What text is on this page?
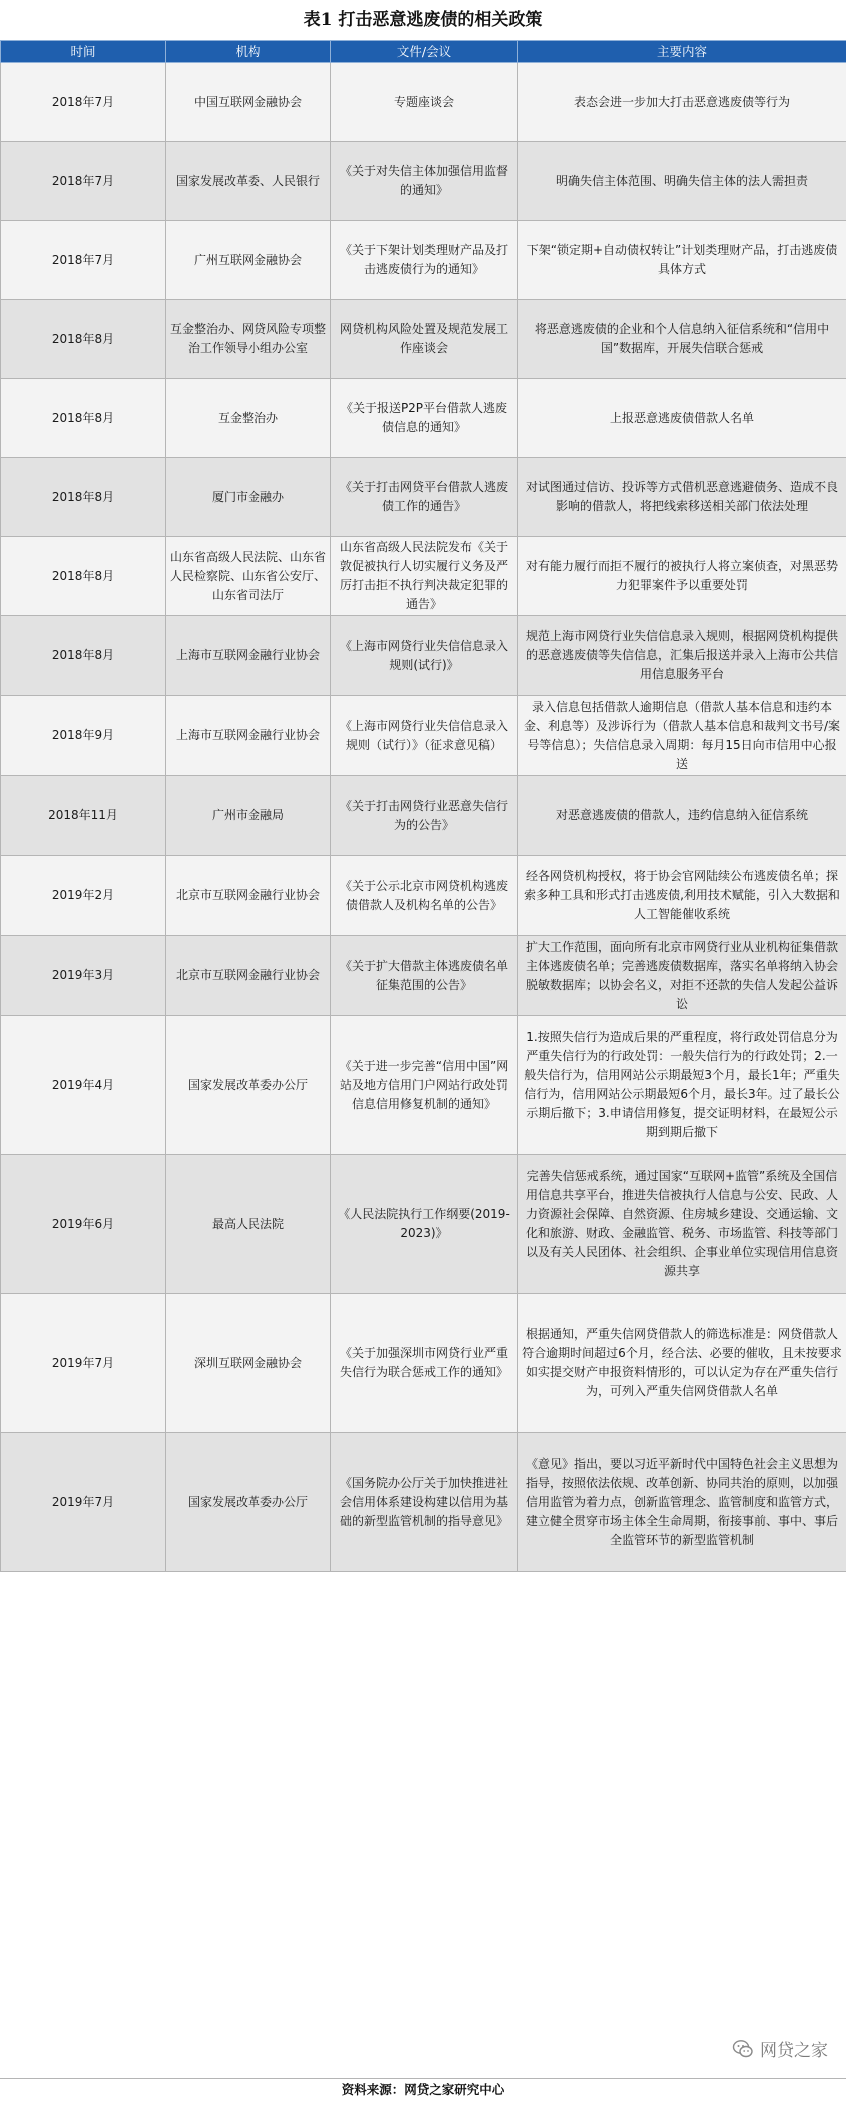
表1 打击恶意逃废债的相关政策
时间	机构	文件/会议	主要内容
2018年7月	中国互联网金融协会	专题座谈会	表态会进一步加大打击恶意逃废债等行为
2018年7月	国家发展改革委、人民银行	《关于对失信主体加强信用监督的通知》	明确失信主体范围、明确失信主体的法人需担责
2018年7月	广州互联网金融协会	《关于下架计划类理财产品及打击逃废债行为的通知》	下架“锁定期+自动债权转让”计划类理财产品，打击逃废债具体方式
2018年8月	互金整治办、网贷风险专项整治工作领导小组办公室	网贷机构风险处置及规范发展工作座谈会	将恶意逃废债的企业和个人信息纳入征信系统和“信用中国”数据库，开展失信联合惩戒
2018年8月	互金整治办	《关于报送P2P平台借款人逃废债信息的通知》	上报恶意逃废债借款人名单
2018年8月	厦门市金融办	《关于打击网贷平台借款人逃废债工作的通告》	对试图通过信访、投诉等方式借机恶意逃避债务、造成不良影响的借款人，将把线索移送相关部门依法处理
2018年8月	山东省高级人民法院、山东省人民检察院、山东省公安厅、山东省司法厅	山东省高级人民法院发布《关于敦促被执行人切实履行义务及严厉打击拒不执行判决裁定犯罪的通告》	对有能力履行而拒不履行的被执行人将立案侦查，对黑恶势力犯罪案件予以重要处罚
2018年8月	上海市互联网金融行业协会	《上海市网贷行业失信信息录入规则(试行)》	规范上海市网贷行业失信信息录入规则，根据网贷机构提供的恶意逃废债等失信信息，汇集后报送并录入上海市公共信用信息服务平台
2018年9月	上海市互联网金融行业协会	《上海市网贷行业失信信息录入规则（试行）》（征求意见稿）	录入信息包括借款人逾期信息（借款人基本信息和违约本金、利息等）及涉诉行为（借款人基本信息和裁判文书号/案号等信息）；失信信息录入周期：每月15日向市信用中心报送
2018年11月	广州市金融局	《关于打击网贷行业恶意失信行为的公告》	对恶意逃废债的借款人，违约信息纳入征信系统
2019年2月	北京市互联网金融行业协会	《关于公示北京市网贷机构逃废债借款人及机构名单的公告》	经各网贷机构授权，将于协会官网陆续公布逃废债名单；探索多种工具和形式打击逃废债,利用技术赋能，引入大数据和人工智能催收系统
2019年3月	北京市互联网金融行业协会	《关于扩大借款主体逃废债名单征集范围的公告》	扩大工作范围，面向所有北京市网贷行业从业机构征集借款主体逃废债名单；完善逃废债数据库，落实名单将纳入协会脱敏数据库；以协会名义，对拒不还款的失信人发起公益诉讼
2019年4月	国家发展改革委办公厅	《关于进一步完善“信用中国”网站及地方信用门户网站行政处罚信息信用修复机制的通知》	1.按照失信行为造成后果的严重程度，将行政处罚信息分为严重失信行为的行政处罚：一般失信行为的行政处罚；2.一般失信行为，信用网站公示期最短3个月，最长1年；严重失信行为，信用网站公示期最短6个月，最长3年。过了最长公示期后撤下；3.申请信用修复，提交证明材料，在最短公示期到期后撤下
2019年6月	最高人民法院	《人民法院执行工作纲要(2019-2023)》	完善失信惩戒系统，通过国家“互联网+监管”系统及全国信用信息共享平台，推进失信被执行人信息与公安、民政、人力资源社会保障、自然资源、住房城乡建设、交通运输、文化和旅游、财政、金融监管、税务、市场监管、科技等部门以及有关人民团体、社会组织、企事业单位实现信用信息资源共享
2019年7月	深圳互联网金融协会	《关于加强深圳市网贷行业严重失信行为联合惩戒工作的通知》	根据通知，严重失信网贷借款人的筛选标准是：网贷借款人符合逾期时间超过6个月，经合法、必要的催收，且未按要求如实提交财产申报资料情形的，可以认定为存在严重失信行为，可列入严重失信网贷借款人名单
2019年7月	国家发展改革委办公厅	《国务院办公厅关于加快推进社会信用体系建设构建以信用为基础的新型监管机制的指导意见》	《意见》指出，要以习近平新时代中国特色社会主义思想为指导，按照依法依规、改革创新、协同共治的原则，以加强信用监管为着力点，创新监管理念、监管制度和监管方式，建立健全贯穿市场主体全生命周期，衔接事前、事中、事后全监管环节的新型监管机制
网贷之家
资料来源：网贷之家研究中心
